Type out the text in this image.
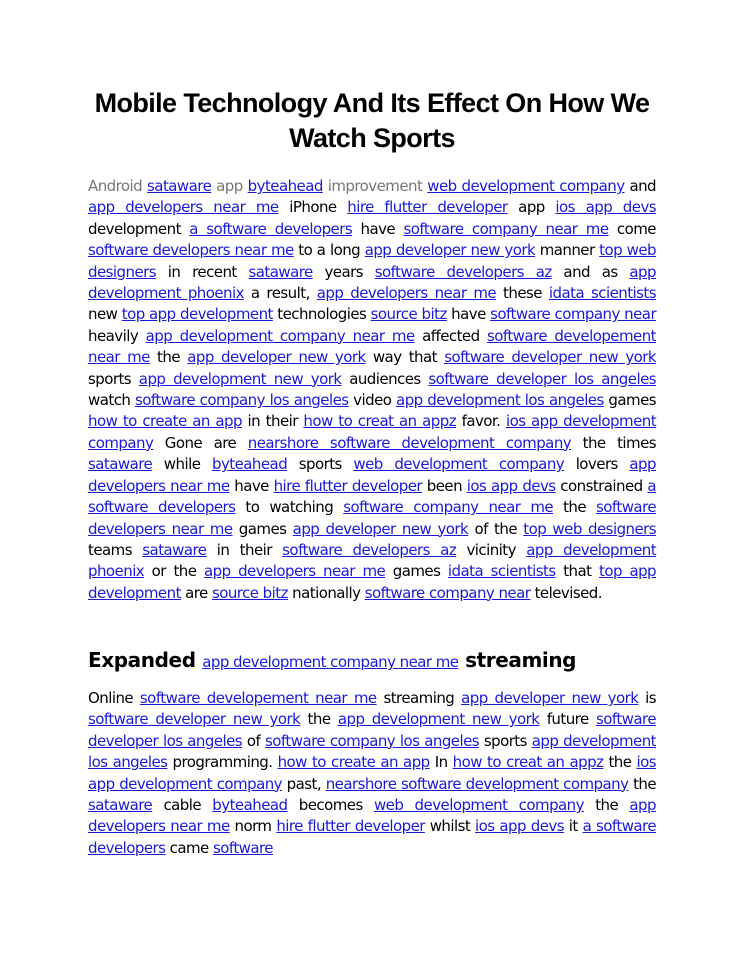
Mobile Technology And Its Effect On How We Watch Sports

Android sataware app byteahead improvement web development company and app developers near me iPhone hire flutter developer app ios app devs development a software developers have software company near me come software developers near me to a long app developer new york manner top web designers in recent sataware years software developers az and as app development phoenix a result, app developers near me these idata scientists new top app development technologies source bitz have software company near heavily app development company near me affected software developement near me the app developer new york way that software developer new york sports app development new york audiences software developer los angeles watch software company los angeles video app development los angeles games how to create an app in their how to creat an appz favor. ios app development company Gone are nearshore software development company the times sataware while byteahead sports web development company lovers app developers near me have hire flutter developer been ios app devs constrained a software developers to watching software company near me the software developers near me games app developer new york of the top web designers teams sataware in their software developers az vicinity app development phoenix or the app developers near me games idata scientists that top app development are source bitz nationally software company near televised.

Expanded app development company near me streaming

Online software developement near me streaming app developer new york is software developer new york the app development new york future software developer los angeles of software company los angeles sports app development los angeles programming. how to create an app In how to creat an appz the ios app development company past, nearshore software development company the sataware cable byteahead becomes web development company the app developers near me norm hire flutter developer whilst ios app devs it a software developers came software
